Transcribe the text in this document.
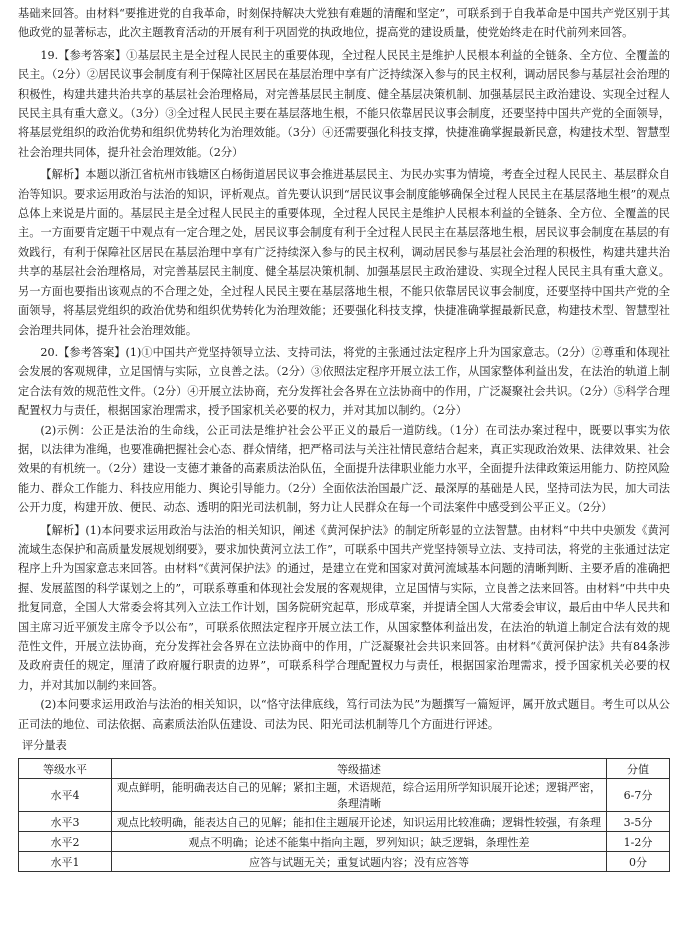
基础来回答。由材料“要推进党的自我革命，时刻保持解决大党独有难题的清醒和坚定”，可联系到于自我革命是中国共产党区别于其他政党的显著标志，此次主题教育活动的开展有利于巩固党的执政地位，提高党的建设质量，使党始终走在时代前列来回答。

19.【参考答案】①基层民主是全过程人民民主的重要体现，全过程人民民主是维护人民根本利益的全链条、全方位、全覆盖的民主。（2分）②居民议事会制度有利于保障社区居民在基层治理中享有广泛持续深入参与的民主权利，调动居民参与基层社会治理的积极性，构建共建共治共享的基层社会治理格局，对完善基层民主制度、健全基层决策机制、加强基层民主政治建设、实现全过程人民民主具有重大意义。（3分）③全过程人民民主要在基层落地生根，不能只依靠居民议事会制度，还要坚持中国共产党的全面领导，将基层党组织的政治优势和组织优势转化为治理效能。（3分）④还需要强化科技支撑，快捷准确掌握最新民意，构建技术型、智慧型社会治理共同体，提升社会治理效能。（2分）

【解析】本题以浙江省杭州市钱塘区白杨街道居民议事会推进基层民主、为民办实事为情境，考查全过程人民民主、基层群众自治等知识。要求运用政治与法治的知识，评析观点。首先要认识到“居民议事会制度能够确保全过程人民民主在基层落地生根”的观点总体上来说是片面的。基层民主是全过程人民民主的重要体现，全过程人民民主是维护人民根本利益的全链条、全方位、全覆盖的民主。一方面要肯定题干中观点有一定合理之处，居民议事会制度有利于全过程人民民主在基层落地生根，居民议事会制度在基层的有效践行，有利于保障社区居民在基层治理中享有广泛持续深入参与的民主权利，调动居民参与基层社会治理的积极性，构建共建共治共享的基层社会治理格局，对完善基层民主制度、健全基层决策机制、加强基层民主政治建设、实现全过程人民民主具有重大意义。另一方面也要指出该观点的不合理之处，全过程人民民主要在基层落地生根，不能只依靠居民议事会制度，还要坚持中国共产党的全面领导，将基层党组织的政治优势和组织优势转化为治理效能；还要强化科技支撑，快捷准确掌握最新民意，构建技术型、智慧型社会治理共同体，提升社会治理效能。

20.【参考答案】(1)①中国共产党坚持领导立法、支持司法，将党的主张通过法定程序上升为国家意志。（2分）②尊重和体现社会发展的客观规律，立足国情与实际，立良善之法。（2分）③依照法定程序开展立法工作，从国家整体利益出发，在法治的轨道上制定合法有效的规范性文件。（2分）④开展立法协商，充分发挥社会各界在立法协商中的作用，广泛凝聚社会共识。（2分）⑤科学合理配置权力与责任，根据国家治理需求，授予国家机关必要的权力，并对其加以制约。（2分）

(2)示例：公正是法治的生命线，公正司法是维护社会公平正义的最后一道防线。（1分）在司法办案过程中，既要以事实为依据，以法律为准绳，也要准确把握社会心态、群众情绪，把严格司法与关注社情民意结合起来，真正实现政治效果、法律效果、社会效果的有机统一。（2分）建设一支德才兼备的高素质法治队伍，全面提升法律职业能力水平，全面提升法律政策运用能力、防控风险能力、群众工作能力、科技应用能力、舆论引导能力。（2分）全面依法治国最广泛、最深厚的基础是人民，坚持司法为民，加大司法公开力度，构建开放、便民、动态、透明的阳光司法机制，努力让人民群众在每一个司法案件中感受到公平正义。（2分）

【解析】(1)本问要求运用政治与法治的相关知识，阐述《黄河保护法》的制定所彰显的立法智慧。由材料“中共中央颁发《黄河流域生态保护和高质量发展规划纲要》，要求加快黄河立法工作”，可联系中国共产党坚持领导立法、支持司法，将党的主张通过法定程序上升为国家意志来回答。由材料“《黄河保护法》的通过，是建立在党和国家对黄河流域基本问题的清晰判断、主要矛盾的准确把握、发展蓝图的科学谋划之上的”，可联系尊重和体现社会发展的客观规律，立足国情与实际，立良善之法来回答。由材料“中共中央批复同意，全国人大常委会将其列入立法工作计划，国务院研究起草，形成草案，并提请全国人大常委会审议，最后由中华人民共和国主席习近平颁发主席令予以公布”，可联系依照法定程序开展立法工作，从国家整体利益出发，在法治的轨道上制定合法有效的规范性文件，开展立法协商，充分发挥社会各界在立法协商中的作用，广泛凝聚社会共识来回答。由材料“《黄河保护法》共有84条涉及政府责任的规定，厘清了政府履行职责的边界”，可联系科学合理配置权力与责任，根据国家治理需求，授予国家机关必要的权力，并对其加以制约来回答。

(2)本问要求运用政治与法治的相关知识，以“恪守法律底线，笃行司法为民”为题撰写一篇短评，属开放式题目。考生可以从公正司法的地位、司法依据、高素质法治队伍建设、司法为民、阳光司法机制等几个方面进行评述。

评分量表
等级水平	等级描述	分值
水平4	观点鲜明，能明确表达自己的见解；紧扣主题，术语规范，综合运用所学知识展开论述；逻辑严密，条理清晰	6-7分
水平3	观点比较明确，能表达自己的见解；能扣住主题展开论述，知识运用比较准确；逻辑性较强，有条理	3-5分
水平2	观点不明确；论述不能集中指向主题，罗列知识；缺乏逻辑，条理性差	1-2分
水平1	应答与试题无关；重复试题内容；没有应答等	0分
